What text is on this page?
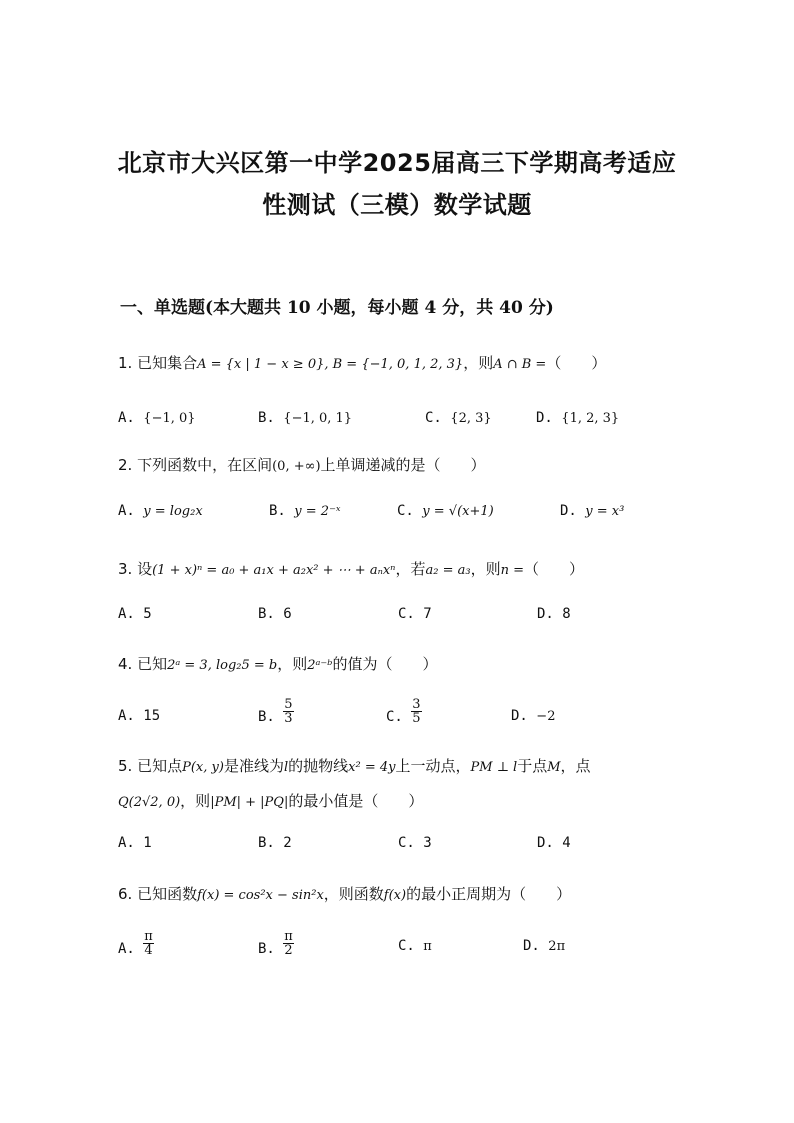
北京市大兴区第一中学2025届高三下学期高考适应
性测试（三模）数学试题
一、单选题(本大题共 10 小题，每小题 4 分，共 40 分)
1. 已知集合A = {x | 1 − x ≥ 0}, B = {−1, 0, 1, 2, 3}，则A ∩ B =（　　）
A. {−1, 0}	B. {−1, 0, 1}	C. {2, 3}	D. {1, 2, 3}
2. 下列函数中，在区间(0, +∞)上单调递减的是（　　）
A. y = log₂x	B. y = 2⁻ˣ	C. y = √(x+1)	D. y = x³
3. 设(1 + x)ⁿ = a₀ + a₁x + a₂x² + ⋯ + aₙxⁿ，若a₂ = a₃，则n =（　　）
A. 5	B. 6	C. 7	D. 8
4. 已知2ᵃ = 3, log₂5 = b，则2ᵃ⁻ᵇ的值为（　　）
A. 15	B. $\frac{5}{3}$	C. $\frac{3}{5}$	D. −2
5. 已知点P(x, y)是准线为l的抛物线x² = 4y上一动点，PM ⊥ l于点M，点
Q(2√2, 0)，则|PM| + |PQ|的最小值是（　　）
A. 1	B. 2	C. 3	D. 4
6. 已知函数f(x) = cos²x − sin²x，则函数f(x)的最小正周期为（　　）
A. $\frac{\pi}{4}$	B. $\frac{\pi}{2}$	C. π	D. 2π
